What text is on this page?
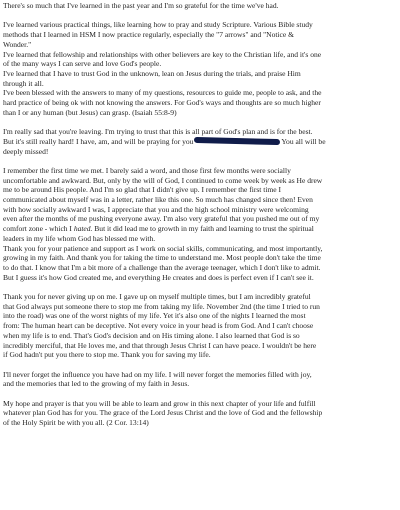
There's so much that I've learned in the past year and I'm so grateful for the time we've had.

I've learned various practical things, like learning how to pray and study Scripture. Various Bible study
methods that I learned in HSM I now practice regularly, especially the "7 arrows" and "Notice &
Wonder."
I've learned that fellowship and relationships with other believers are key to the Christian life, and it's one
of the many ways I can serve and love God's people.
I've learned that I have to trust God in the unknown, lean on Jesus during the trials, and praise Him
through it all.
I've been blessed with the answers to many of my questions, resources to guide me, people to ask, and the
hard practice of being ok with not knowing the answers. For God's ways and thoughts are so much higher
than I or any human (but Jesus) can grasp. (Isaiah 55:8-9)

I'm really sad that you're leaving. I'm trying to trust that this is all part of God's plan and is for the best.
But it's still really hard! I have, am, and will be praying for you	You all will be
deeply missed!

I remember the first time we met. I barely said a word, and those first few months were socially
uncomfortable and awkward. But, only by the will of God, I continued to come week by week as He drew
me to be around His people. And I'm so glad that I didn't give up. I remember the first time I
communicated about myself was in a letter, rather like this one. So much has changed since then! Even
with how socially awkward I was, I appreciate that you and the high school ministry were welcoming
even after the months of me pushing everyone away. I'm also very grateful that you pushed me out of my
comfort zone - which I hated. But it did lead me to growth in my faith and learning to trust the spiritual
leaders in my life whom God has blessed me with.
Thank you for your patience and support as I work on social skills, communicating, and most importantly,
growing in my faith. And thank you for taking the time to understand me. Most people don't take the time
to do that. I know that I'm a bit more of a challenge than the average teenager, which I don't like to admit.
But I guess it's how God created me, and everything He creates and does is perfect even if I can't see it.

Thank you for never giving up on me. I gave up on myself multiple times, but I am incredibly grateful
that God always put someone there to stop me from taking my life. November 2nd (the time I tried to run
into the road) was one of the worst nights of my life. Yet it's also one of the nights I learned the most
from: The human heart can be deceptive. Not every voice in your head is from God. And I can't choose
when my life is to end. That's God's decision and on His timing alone. I also learned that God is so
incredibly merciful, that He loves me, and that through Jesus Christ I can have peace. I wouldn't be here
if God hadn't put you there to stop me. Thank you for saving my life.

I'll never forget the influence you have had on my life. I will never forget the memories filled with joy,
and the memories that led to the growing of my faith in Jesus.

My hope and prayer is that you will be able to learn and grow in this next chapter of your life and fulfill
whatever plan God has for you. The grace of the Lord Jesus Christ and the love of God and the fellowship
of the Holy Spirit be with you all. (2 Cor. 13:14)
